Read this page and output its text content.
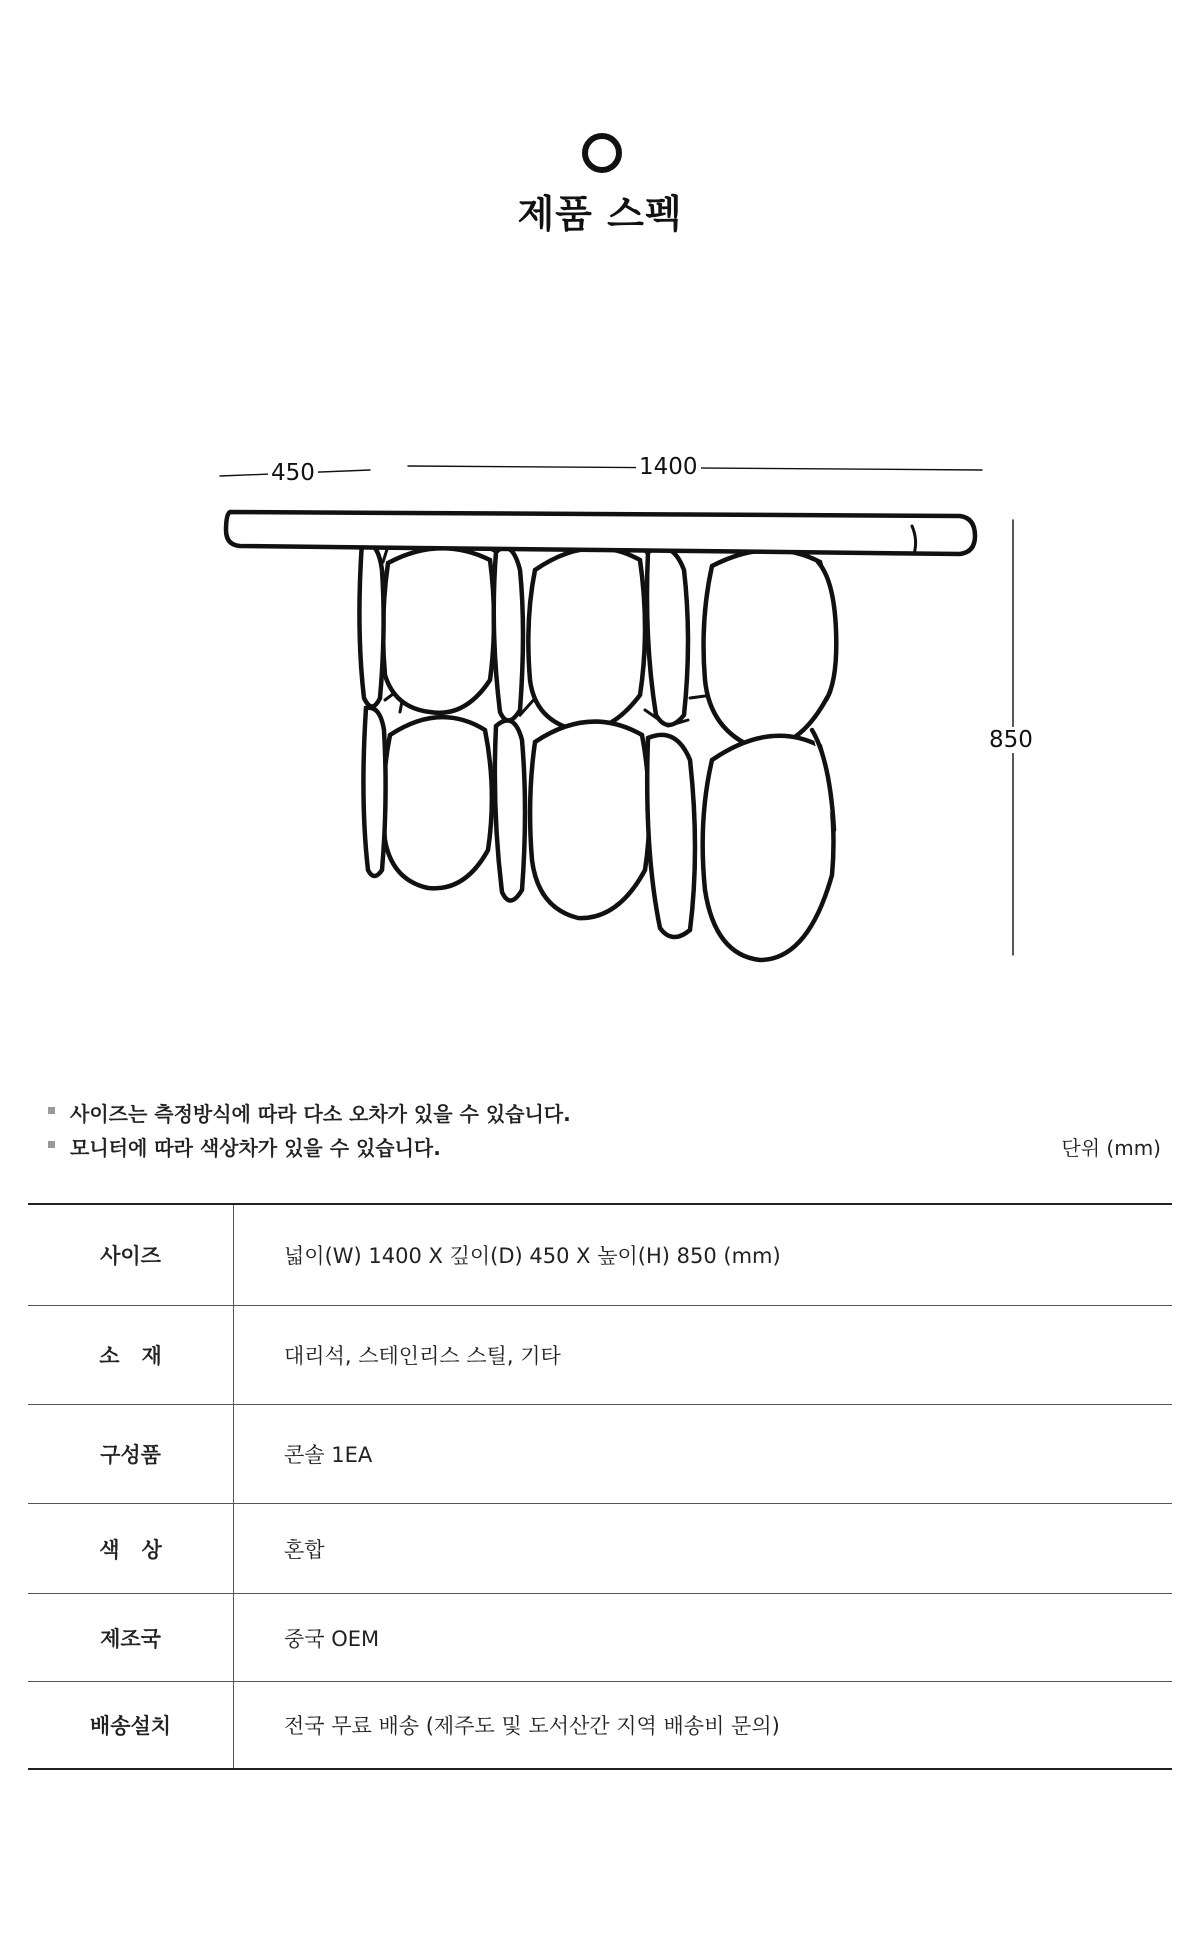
제품 스펙
450	1400
850
사이즈는 측정방식에 따라 다소 오차가 있을 수 있습니다.
모니터에 따라 색상차가 있을 수 있습니다.	단위 (mm)
사이즈	넓이(W) 1400 X 깊이(D) 450 X 높이(H) 850 (mm)
소   재	대리석, 스테인리스 스틸, 기타
구성품	콘솔 1EA
색   상	혼합
제조국	중국 OEM
배송설치	전국 무료 배송 (제주도 및 도서산간 지역 배송비 문의)
